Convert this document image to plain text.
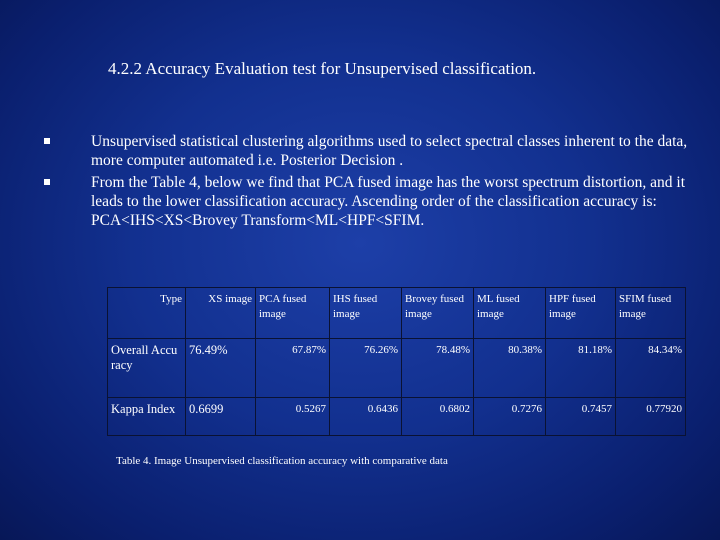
4.2.2 Accuracy Evaluation test for Unsupervised classification.
Unsupervised statistical clustering algorithms used to select spectral classes inherent to the data, more computer automated i.e. Posterior Decision .
From the Table 4, below we find that PCA fused image has the worst spectrum distortion, and it leads to the lower classification accuracy. Ascending order of the classification accuracy is: PCA<IHS<XS<Brovey Transform<ML<HPF<SFIM.
Type	XS image	PCA fused image	IHS fused image	Brovey fused image	ML fused image	HPF fused image	SFIM fused image
Overall Accu racy	76.49%	67.87%	76.26%	78.48%	80.38%	81.18%	84.34%
Kappa Index	0.6699	0.5267	0.6436	0.6802	0.7276	0.7457	0.77920
Table 4. Image Unsupervised classification accuracy with comparative data
